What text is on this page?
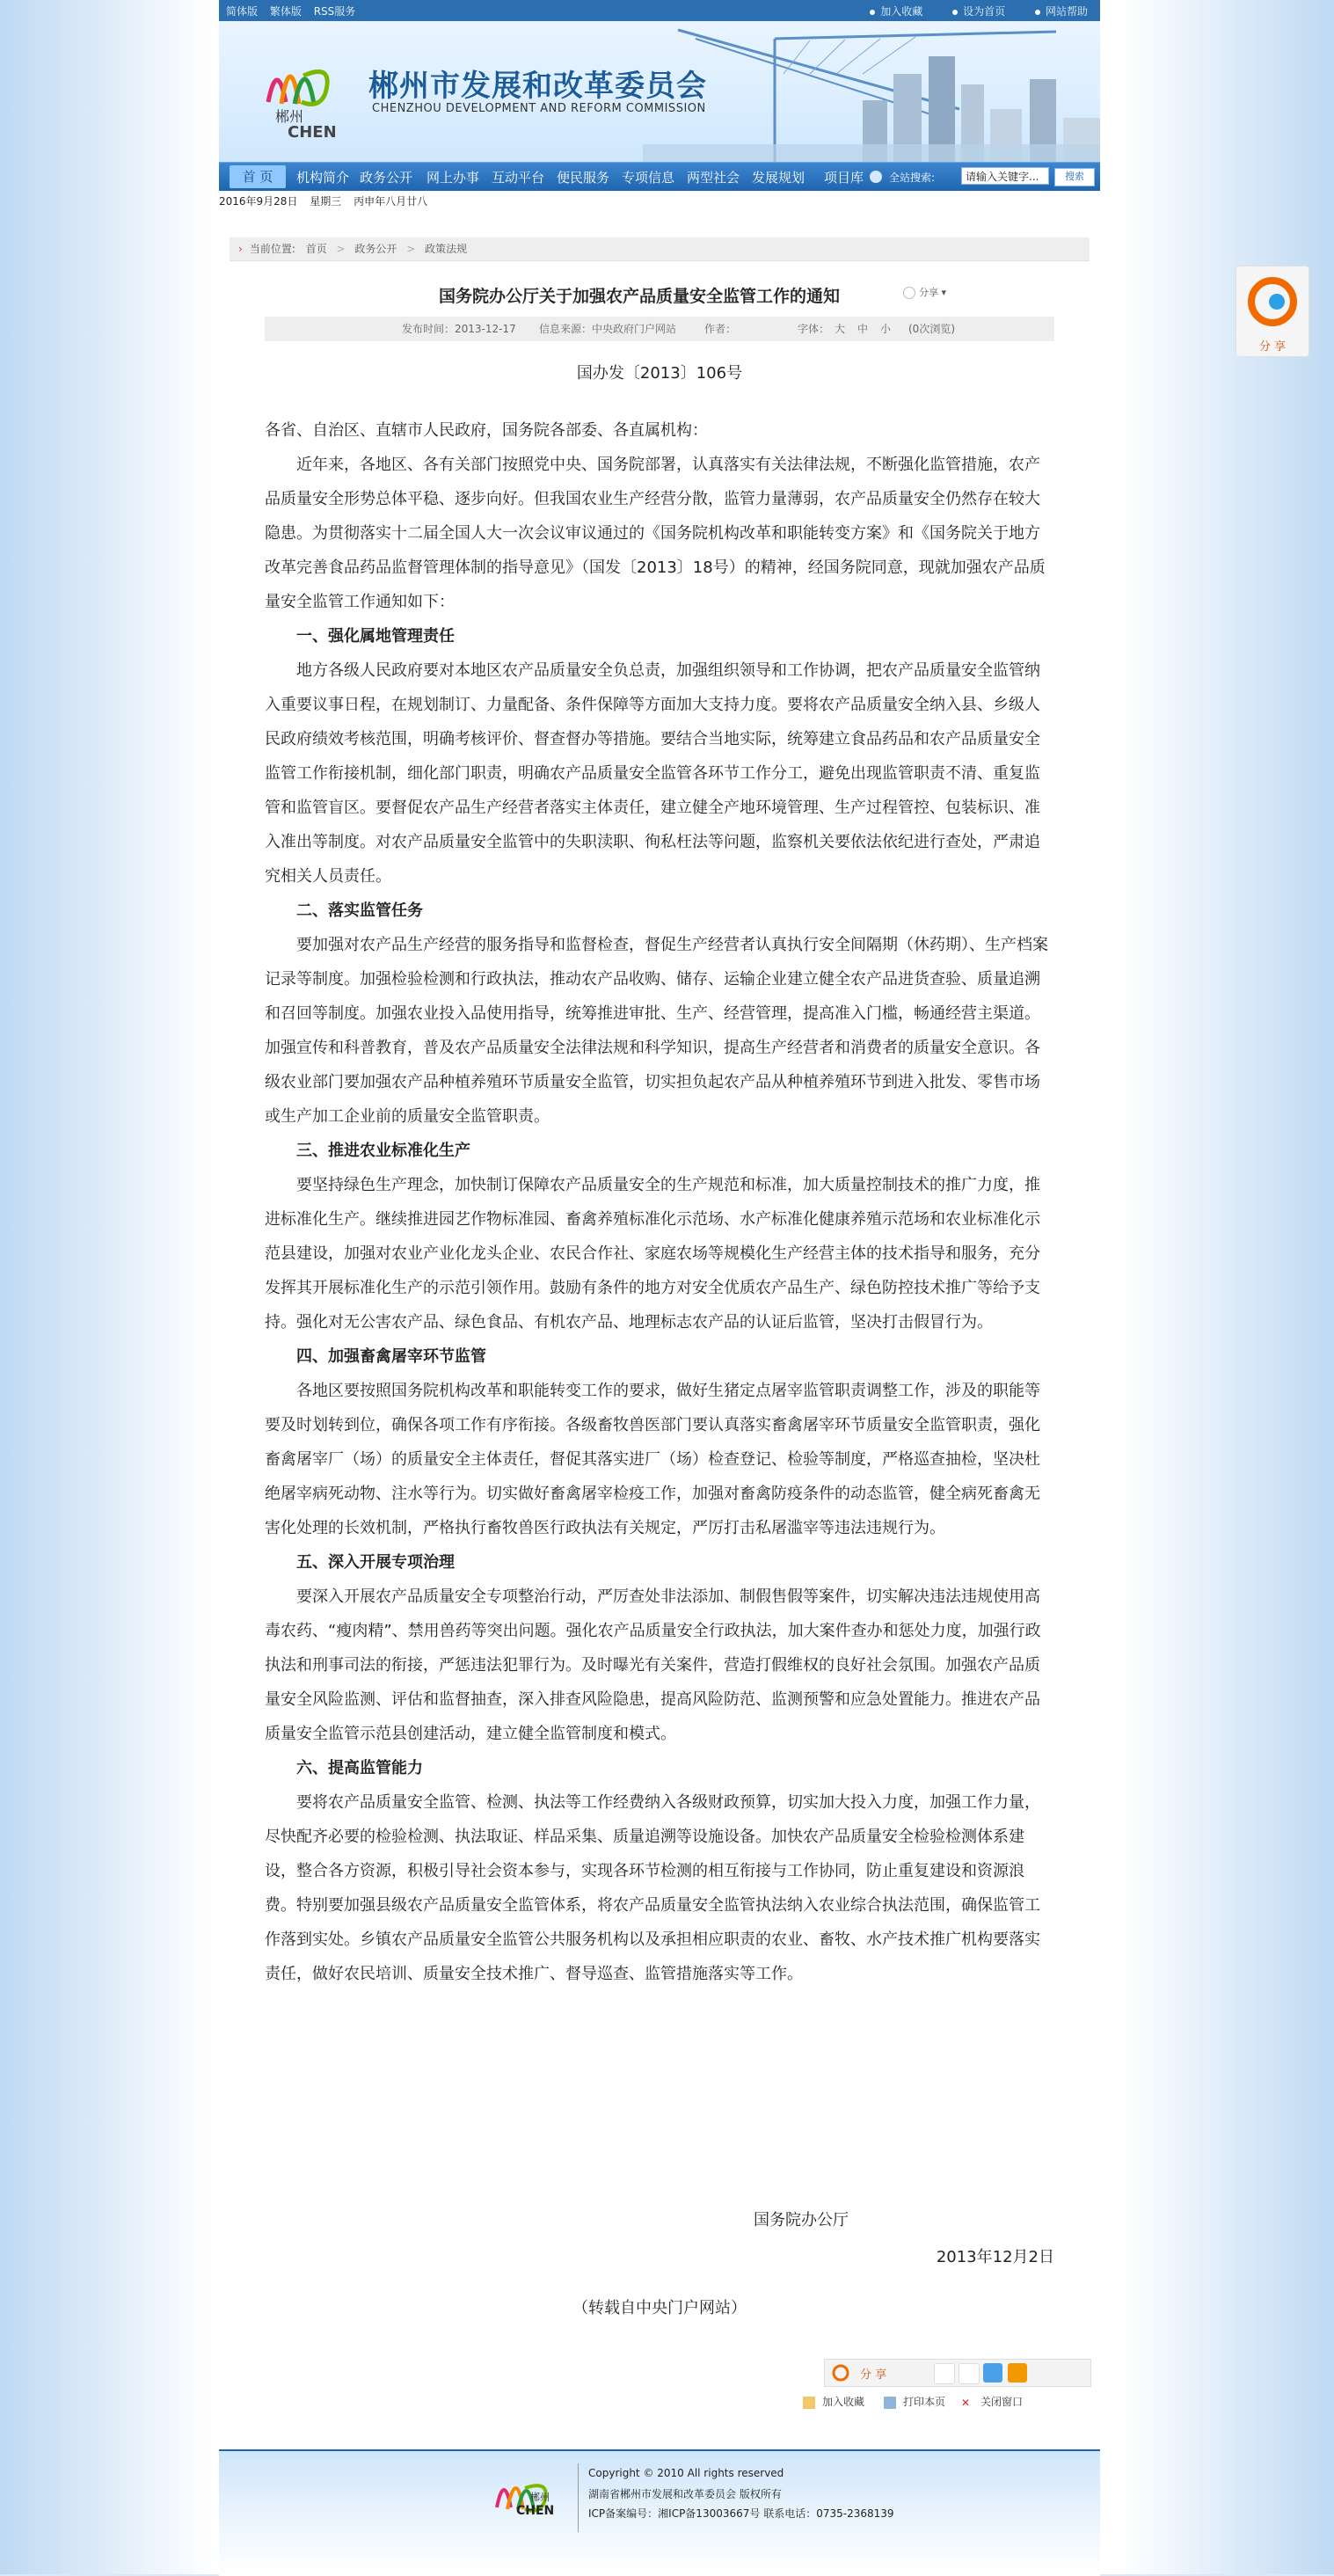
简体版 繁体版 RSS服务	加入收藏	设为首页	网站帮助
郴州
CHEN
郴州市发展和改革委员会
CHENZHOU DEVELOPMENT AND REFORM COMMISSION
首 页	机构简介 政务公开 网上办事 互动平台 便民服务 专项信息 两型社会 发展规划 项目库 全站搜索:
请输入关键字...	搜索
2016年9月28日 星期三 丙申年八月廿八
› 当前位置: 首页 > 政务公开 > 政策法规
国务院办公厅关于加强农产品质量安全监管工作的通知	分享 ▾
发布时间：2013-12-17 信息来源：中央政府门户网站	作者：	字体： 大 中 小 (0次浏览)
国办发〔2013〕106号

各省、自治区、直辖市人民政府，国务院各部委、各直属机构：

近年来，各地区、各有关部门按照党中央、国务院部署，认真落实有关法律法规，不断强化监管措施，农产品质量安全形势总体平稳、逐步向好。但我国农业生产经营分散，监管力量薄弱，农产品质量安全仍然存在较大隐患。为贯彻落实十二届全国人大一次会议审议通过的《国务院机构改革和职能转变方案》和《国务院关于地方改革完善食品药品监督管理体制的指导意见》（国发〔2013〕18号）的精神，经国务院同意，现就加强农产品质量安全监管工作通知如下：

一、强化属地管理责任

地方各级人民政府要对本地区农产品质量安全负总责，加强组织领导和工作协调，把农产品质量安全监管纳入重要议事日程，在规划制订、力量配备、条件保障等方面加大支持力度。要将农产品质量安全纳入县、乡级人民政府绩效考核范围，明确考核评价、督查督办等措施。要结合当地实际，统筹建立食品药品和农产品质量安全监管工作衔接机制，细化部门职责，明确农产品质量安全监管各环节工作分工，避免出现监管职责不清、重复监管和监管盲区。要督促农产品生产经营者落实主体责任，建立健全产地环境管理、生产过程管控、包装标识、准入准出等制度。对农产品质量安全监管中的失职渎职、徇私枉法等问题，监察机关要依法依纪进行查处，严肃追究相关人员责任。

二、落实监管任务

要加强对农产品生产经营的服务指导和监督检查，督促生产经营者认真执行安全间隔期（休药期）、生产档案记录等制度。加强检验检测和行政执法，推动农产品收购、储存、运输企业建立健全农产品进货查验、质量追溯和召回等制度。加强农业投入品使用指导，统筹推进审批、生产、经营管理，提高准入门槛，畅通经营主渠道。加强宣传和科普教育，普及农产品质量安全法律法规和科学知识，提高生产经营者和消费者的质量安全意识。各级农业部门要加强农产品种植养殖环节质量安全监管，切实担负起农产品从种植养殖环节到进入批发、零售市场或生产加工企业前的质量安全监管职责。

三、推进农业标准化生产

要坚持绿色生产理念，加快制订保障农产品质量安全的生产规范和标准，加大质量控制技术的推广力度，推进标准化生产。继续推进园艺作物标准园、畜禽养殖标准化示范场、水产标准化健康养殖示范场和农业标准化示范县建设，加强对农业产业化龙头企业、农民合作社、家庭农场等规模化生产经营主体的技术指导和服务，充分发挥其开展标准化生产的示范引领作用。鼓励有条件的地方对安全优质农产品生产、绿色防控技术推广等给予支持。强化对无公害农产品、绿色食品、有机农产品、地理标志农产品的认证后监管，坚决打击假冒行为。

四、加强畜禽屠宰环节监管

各地区要按照国务院机构改革和职能转变工作的要求，做好生猪定点屠宰监管职责调整工作，涉及的职能等要及时划转到位，确保各项工作有序衔接。各级畜牧兽医部门要认真落实畜禽屠宰环节质量安全监管职责，强化畜禽屠宰厂（场）的质量安全主体责任，督促其落实进厂（场）检查登记、检验等制度，严格巡查抽检，坚决杜绝屠宰病死动物、注水等行为。切实做好畜禽屠宰检疫工作，加强对畜禽防疫条件的动态监管，健全病死畜禽无害化处理的长效机制，严格执行畜牧兽医行政执法有关规定，严厉打击私屠滥宰等违法违规行为。

五、深入开展专项治理

要深入开展农产品质量安全专项整治行动，严厉查处非法添加、制假售假等案件，切实解决违法违规使用高毒农药、“瘦肉精”、禁用兽药等突出问题。强化农产品质量安全行政执法，加大案件查办和惩处力度，加强行政执法和刑事司法的衔接，严惩违法犯罪行为。及时曝光有关案件，营造打假维权的良好社会氛围。加强农产品质量安全风险监测、评估和监督抽查，深入排查风险隐患，提高风险防范、监测预警和应急处置能力。推进农产品质量安全监管示范县创建活动，建立健全监管制度和模式。

六、提高监管能力

要将农产品质量安全监管、检测、执法等工作经费纳入各级财政预算，切实加大投入力度，加强工作力量，尽快配齐必要的检验检测、执法取证、样品采集、质量追溯等设施设备。加快农产品质量安全检验检测体系建设，整合各方资源，积极引导社会资本参与，实现各环节检测的相互衔接与工作协同，防止重复建设和资源浪费。特别要加强县级农产品质量安全监管体系，将农产品质量安全监管执法纳入农业综合执法范围，确保监管工作落到实处。乡镇农产品质量安全监管公共服务机构以及承担相应职责的农业、畜牧、水产技术推广机构要落实责任，做好农民培训、质量安全技术推广、督导巡查、监管措施落实等工作。

国务院办公厅
2013年12月2日
（转载自中央门户网站）
分 享
加入收藏	打印本页 ✕ 关闭窗口
郴州
CHEN
Copyright © 2010 All rights reserved
湖南省郴州市发展和改革委员会 版权所有
ICP备案编号：湘ICP备13003667号 联系电话：0735-2368139
分 享
